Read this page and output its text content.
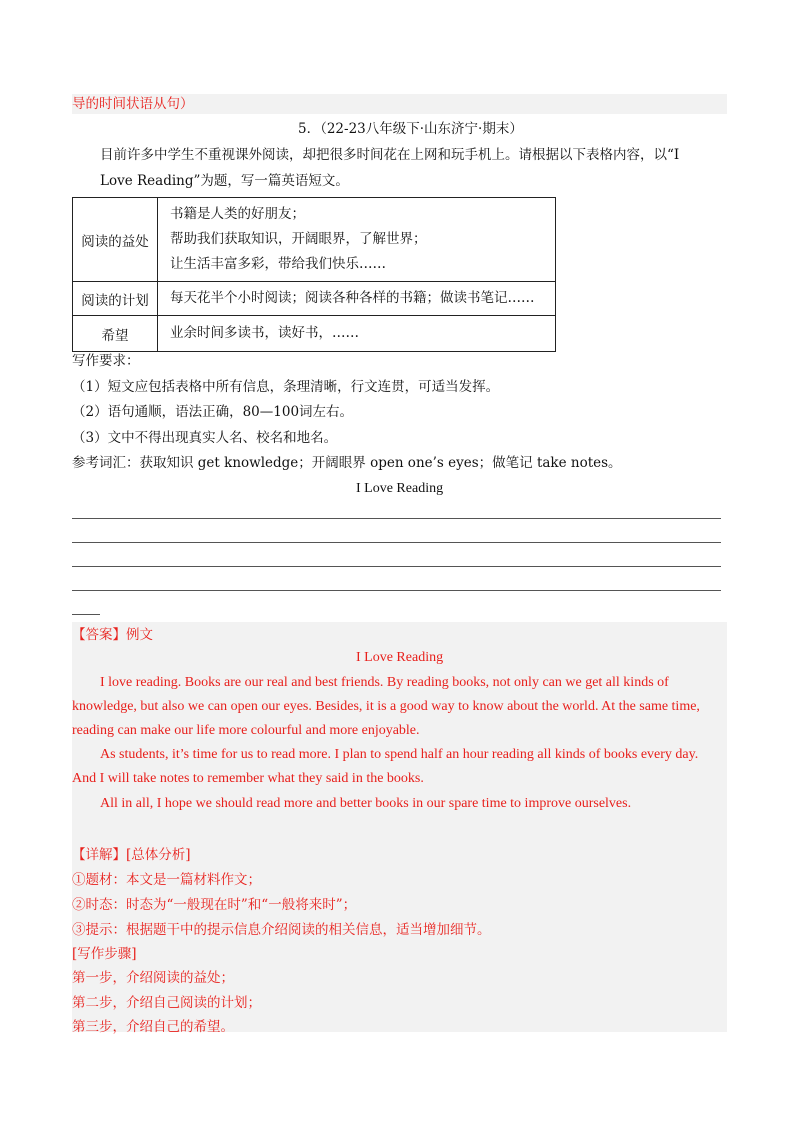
导的时间状语从句）
5．（22-23八年级下·山东济宁·期末）
目前许多中学生不重视课外阅读，却把很多时间花在上网和玩手机上。请根据以下表格内容，以“I
Love Reading”为题，写一篇英语短文。
阅读的益处	书籍是人类的好朋友；
帮助我们获取知识，开阔眼界，了解世界；
让生活丰富多彩，带给我们快乐……

阅读的计划	每天花半个小时阅读；阅读各种各样的书籍；做读书笔记……

希望	业余时间多读书，读好书，……
写作要求：
（1）短文应包括表格中所有信息，条理清晰，行文连贯，可适当发挥。
（2）语句通顺，语法正确，80—100词左右。
（3）文中不得出现真实人名、校名和地名。
参考词汇：获取知识 get knowledge；开阔眼界 open one’s eyes；做笔记 take notes。
I Love Reading
【答案】例文
I Love Reading
I love reading. Books are our real and best friends. By reading books, not only can we get all kinds of
knowledge, but also we can open our eyes. Besides, it is a good way to know about the world. At the same time,
reading can make our life more colourful and more enjoyable.
As students, it’s time for us to read more. I plan to spend half an hour reading all kinds of books every day.
And I will take notes to remember what they said in the books.
All in all, I hope we should read more and better books in our spare time to improve ourselves.
【详解】[总体分析]
①题材：本文是一篇材料作文；
②时态：时态为“一般现在时”和“一般将来时”；
③提示：根据题干中的提示信息介绍阅读的相关信息，适当增加细节。
[写作步骤]
第一步，介绍阅读的益处；
第二步，介绍自己阅读的计划；
第三步，介绍自己的希望。
